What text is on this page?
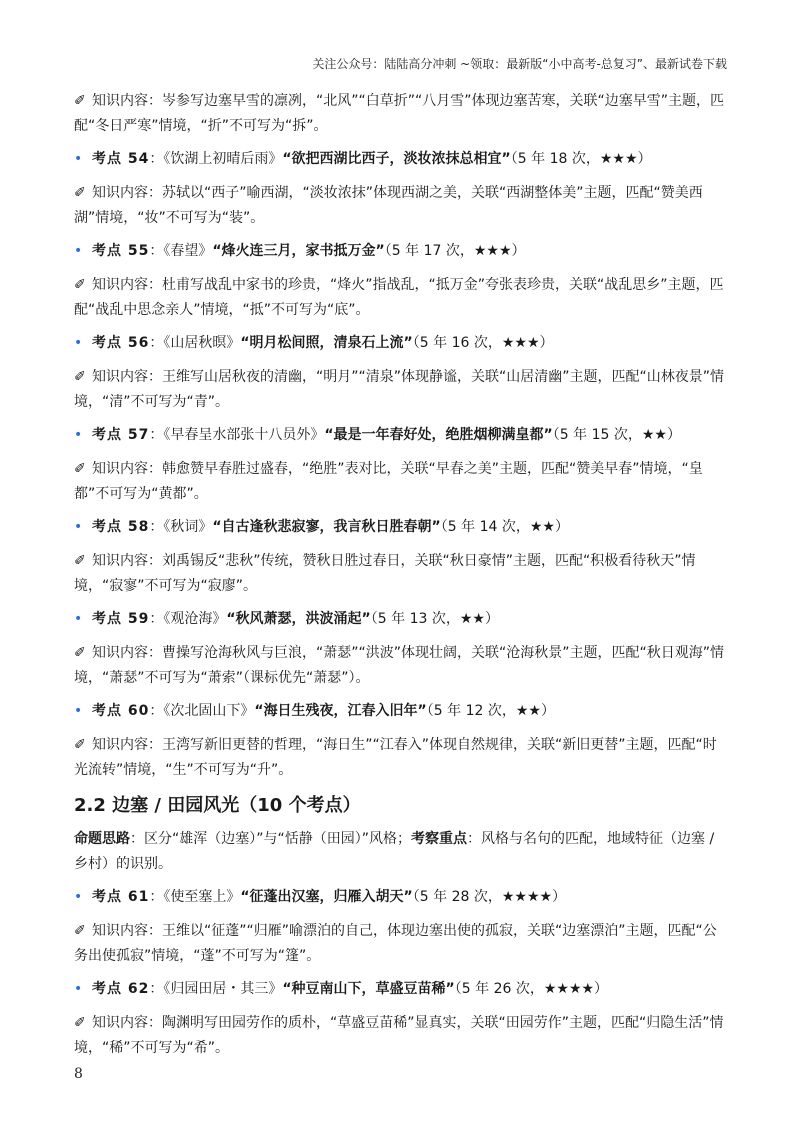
关注公众号：陆陆高分冲刺 ~领取：最新版“小中高考-总复习”、最新试卷下载

✐ 知识内容：岑参写边塞早雪的凛冽，“北风”“白草折”“八月雪”体现边塞苦寒，关联“边塞早雪”主题，匹配“冬日严寒”情境，“折”不可写为“拆”。

• 考点 54：《饮湖上初晴后雨》“欲把西湖比西子，淡妆浓抹总相宜”（5 年 18 次，★★★）

✐ 知识内容：苏轼以“西子”喻西湖，“淡妆浓抹”体现西湖之美，关联“西湖整体美”主题，匹配“赞美西湖”情境，“妆”不可写为“装”。

• 考点 55：《春望》“烽火连三月，家书抵万金”（5 年 17 次，★★★）

✐ 知识内容：杜甫写战乱中家书的珍贵，“烽火”指战乱，“抵万金”夸张表珍贵，关联“战乱思乡”主题，匹配“战乱中思念亲人”情境，“抵”不可写为“底”。

• 考点 56：《山居秋暝》“明月松间照，清泉石上流”（5 年 16 次，★★★）

✐ 知识内容：王维写山居秋夜的清幽，“明月”“清泉”体现静谧，关联“山居清幽”主题，匹配“山林夜景”情境，“清”不可写为“青”。

• 考点 57：《早春呈水部张十八员外》“最是一年春好处，绝胜烟柳满皇都”（5 年 15 次，★★）

✐ 知识内容：韩愈赞早春胜过盛春，“绝胜”表对比，关联“早春之美”主题，匹配“赞美早春”情境，“皇都”不可写为“黄都”。

• 考点 58：《秋词》“自古逢秋悲寂寥，我言秋日胜春朝”（5 年 14 次，★★）

✐ 知识内容：刘禹锡反“悲秋”传统，赞秋日胜过春日，关联“秋日豪情”主题，匹配“积极看待秋天”情境，“寂寥”不可写为“寂廖”。

• 考点 59：《观沧海》“秋风萧瑟，洪波涌起”（5 年 13 次，★★）

✐ 知识内容：曹操写沧海秋风与巨浪，“萧瑟”“洪波”体现壮阔，关联“沧海秋景”主题，匹配“秋日观海”情境，“萧瑟”不可写为“萧索”（课标优先“萧瑟”）。

• 考点 60：《次北固山下》“海日生残夜，江春入旧年”（5 年 12 次，★★）

✐ 知识内容：王湾写新旧更替的哲理，“海日生”“江春入”体现自然规律，关联“新旧更替”主题，匹配“时光流转”情境，“生”不可写为“升”。

2.2 边塞 / 田园风光（10 个考点）

命题思路：区分“雄浑（边塞）”与“恬静（田园）”风格；考察重点：风格与名句的匹配，地域特征（边塞 / 乡村）的识别。

• 考点 61：《使至塞上》“征蓬出汉塞，归雁入胡天”（5 年 28 次，★★★★）

✐ 知识内容：王维以“征蓬”“归雁”喻漂泊的自己，体现边塞出使的孤寂，关联“边塞漂泊”主题，匹配“公务出使孤寂”情境，“蓬”不可写为“篷”。

• 考点 62：《归园田居・其三》“种豆南山下，草盛豆苗稀”（5 年 26 次，★★★★）

✐ 知识内容：陶渊明写田园劳作的质朴，“草盛豆苗稀”显真实，关联“田园劳作”主题，匹配“归隐生活”情境，“稀”不可写为“希”。

8
